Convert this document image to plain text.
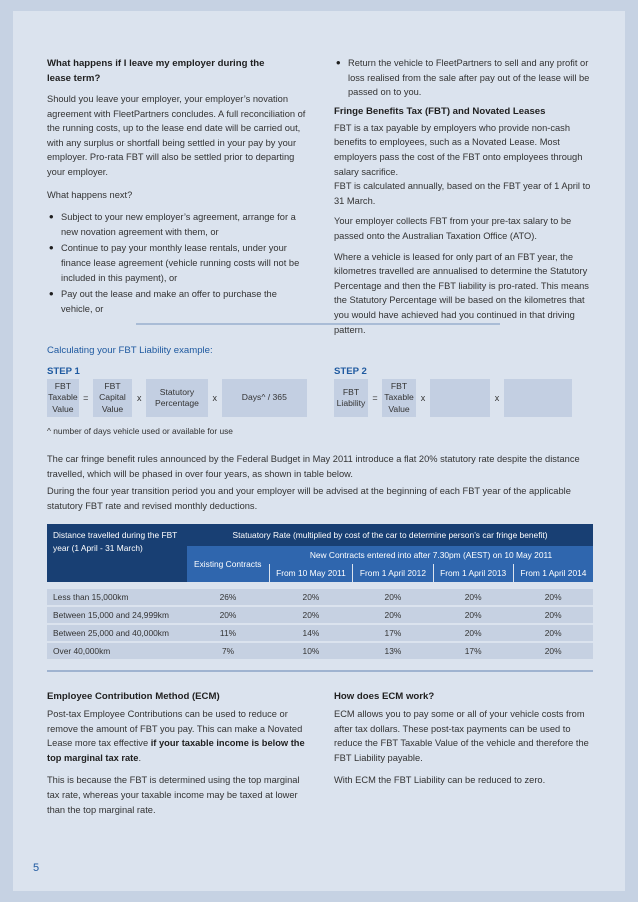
What happens if I leave my employer during the lease term?

Should you leave your employer, your employer’s novation agreement with FleetPartners concludes. A full reconciliation of the running costs, up to the lease end date will be carried out, with any surplus or shortfall being settled in your pay by your employer. Pro-rata FBT will also be settled prior to departing your employer.

What happens next?

• Subject to your new employer’s agreement, arrange for a new novation agreement with them, or
• Continue to pay your monthly lease rentals, under your finance lease agreement (vehicle running costs will not be included in this payment), or
• Pay out the lease and make an offer to purchase the vehicle, or
• Return the vehicle to FleetPartners to sell and any profit or loss realised from the sale after pay out of the lease will be passed on to you.
Fringe Benefits Tax (FBT) and Novated Leases

FBT is a tax payable by employers who provide non-cash benefits to employees, such as a Novated Lease. Most employers pass the cost of the FBT onto employees through salary sacrifice.

FBT is calculated annually, based on the FBT year of 1 April to 31 March.

Your employer collects FBT from your pre-tax salary to be passed onto the Australian Taxation Office (ATO).

Where a vehicle is leased for only part of an FBT year, the kilometres travelled are annualised to determine the Statutory Percentage and then the FBT liability is pro-rated. This means the Statutory Percentage will be based on the kilometres that you would have achieved had you continued in that driving pattern.

Calculating your FBT Liability example:
STEP 1
FBT Taxable Value
=
FBT Capital Value
x
Statutory Percentage	x	Days^ / 365
STEP 2
FBT Liability =
FBT Taxable Value
x	x
^ number of days vehicle used or available for use

The car fringe benefit rules announced by the Federal Budget in May 2011 introduce a flat 20% statutory rate despite the distance travelled, which will be phased in over four years, as shown in table below.

During the four year transition period you and your employer will be advised at the beginning of each FBT year of the applicable statutory FBT rate and revised monthly deductions.

Distance travelled during the FBT year (1 April - 31 March)	Statuatory Rate (multiplied by cost of the car to determine person’s car fringe benefit)				
	Existing Contracts	New Contracts entered into after 7.30pm (AEST) on 10 May 2011			
		From 10 May 2011	From 1 April 2012	From 1 April 2013	From 1 April 2014

Less than 15,000km	26%	20%	20%	20%	20%

Between 15,000 and 24,999km	20%	20%	20%	20%	20%

Between 25,000 and 40,000km	11%	14%	17%	20%	20%

Over 40,000km	7%	10%	13%	17%	20%
Employee Contribution Method (ECM)

Post-tax Employee Contributions can be used to reduce or remove the amount of FBT you pay. This can make a Novated Lease more tax effective if your taxable income is below the top marginal tax rate.

This is because the FBT is determined using the top marginal tax rate, whereas your taxable income may be taxed at lower than the top marginal rate.

How does ECM work?

ECM allows you to pay some or all of your vehicle costs from after tax dollars. These post-tax payments can be used to reduce the FBT Taxable Value of the vehicle and therefore the FBT Liability payable.

With ECM the FBT Liability can be reduced to zero.

5
